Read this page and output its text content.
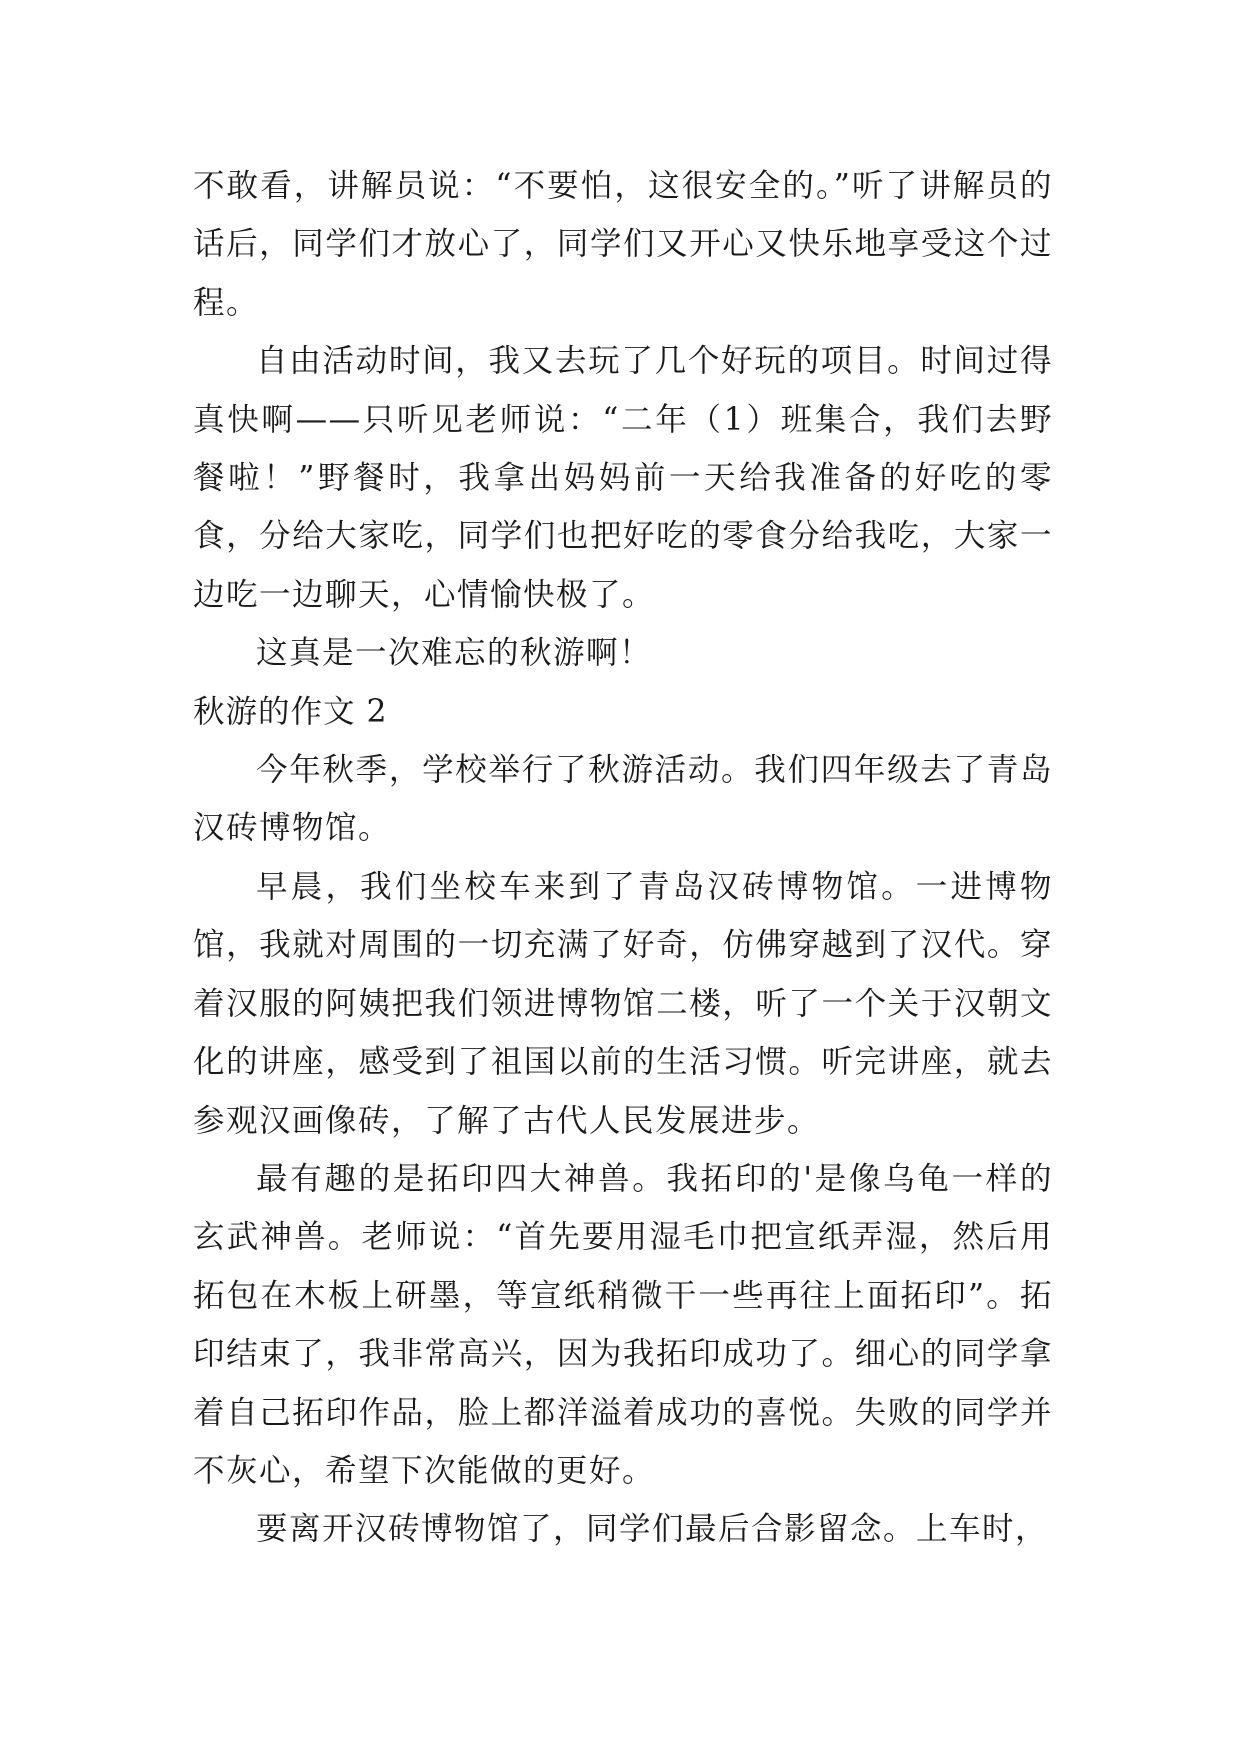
不敢看，讲解员说：“不要怕，这很安全的。”听了讲解员的话后，同学们才放心了，同学们又开心又快乐地享受这个过程。

自由活动时间，我又去玩了几个好玩的项目。时间过得真快啊——只听见老师说：“二年（1）班集合，我们去野餐啦！”野餐时，我拿出妈妈前一天给我准备的好吃的零食，分给大家吃，同学们也把好吃的零食分给我吃，大家一边吃一边聊天，心情愉快极了。

这真是一次难忘的秋游啊！

秋游的作文 2

今年秋季，学校举行了秋游活动。我们四年级去了青岛汉砖博物馆。

早晨，我们坐校车来到了青岛汉砖博物馆。一进博物馆，我就对周围的一切充满了好奇，仿佛穿越到了汉代。穿着汉服的阿姨把我们领进博物馆二楼，听了一个关于汉朝文化的讲座，感受到了祖国以前的生活习惯。听完讲座，就去参观汉画像砖，了解了古代人民发展进步。

最有趣的是拓印四大神兽。我拓印的'是像乌龟一样的玄武神兽。老师说：“首先要用湿毛巾把宣纸弄湿，然后用拓包在木板上研墨，等宣纸稍微干一些再往上面拓印”。拓印结束了，我非常高兴，因为我拓印成功了。细心的同学拿着自己拓印作品，脸上都洋溢着成功的喜悦。失败的同学并不灰心，希望下次能做的更好。

要离开汉砖博物馆了，同学们最后合影留念。上车时，
